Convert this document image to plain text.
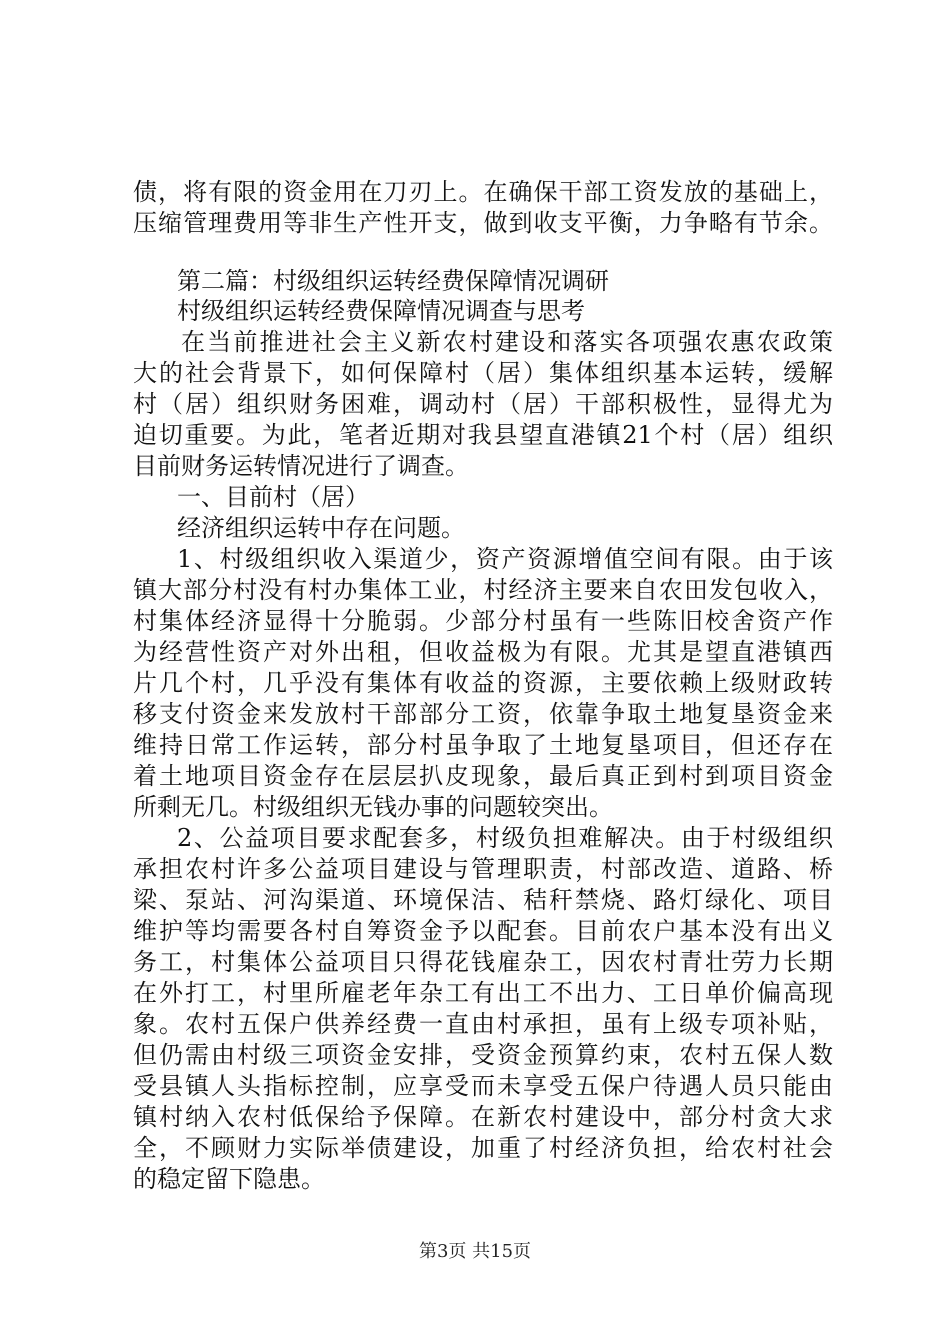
债，将有限的资金用在刀刃上。在确保干部工资发放的基础上，
压缩管理费用等非生产性开支，做到收支平衡，力争略有节余。
第二篇：村级组织运转经费保障情况调研
村级组织运转经费保障情况调查与思考
在当前推进社会主义新农村建设和落实各项强农惠农政策
大的社会背景下，如何保障村（居）集体组织基本运转，缓解
村（居）组织财务困难，调动村（居）干部积极性，显得尤为
迫切重要。为此，笔者近期对我县望直港镇21个村（居）组织
目前财务运转情况进行了调查。
一、目前村（居）
经济组织运转中存在问题。
1、村级组织收入渠道少，资产资源增值空间有限。由于该
镇大部分村没有村办集体工业，村经济主要来自农田发包收入，
村集体经济显得十分脆弱。少部分村虽有一些陈旧校舍资产作
为经营性资产对外出租，但收益极为有限。尤其是望直港镇西
片几个村，几乎没有集体有收益的资源，主要依赖上级财政转
移支付资金来发放村干部部分工资，依靠争取土地复垦资金来
维持日常工作运转，部分村虽争取了土地复垦项目，但还存在
着土地项目资金存在层层扒皮现象，最后真正到村到项目资金
所剩无几。村级组织无钱办事的问题较突出。
2、公益项目要求配套多，村级负担难解决。由于村级组织
承担农村许多公益项目建设与管理职责，村部改造、道路、桥
梁、泵站、河沟渠道、环境保洁、秸秆禁烧、路灯绿化、项目
维护等均需要各村自筹资金予以配套。目前农户基本没有出义
务工，村集体公益项目只得花钱雇杂工，因农村青壮劳力长期
在外打工，村里所雇老年杂工有出工不出力、工日单价偏高现
象。农村五保户供养经费一直由村承担，虽有上级专项补贴，
但仍需由村级三项资金安排，受资金预算约束，农村五保人数
受县镇人头指标控制，应享受而未享受五保户待遇人员只能由
镇村纳入农村低保给予保障。在新农村建设中，部分村贪大求
全，不顾财力实际举债建设，加重了村经济负担，给农村社会
的稳定留下隐患。
第3页 共15页
